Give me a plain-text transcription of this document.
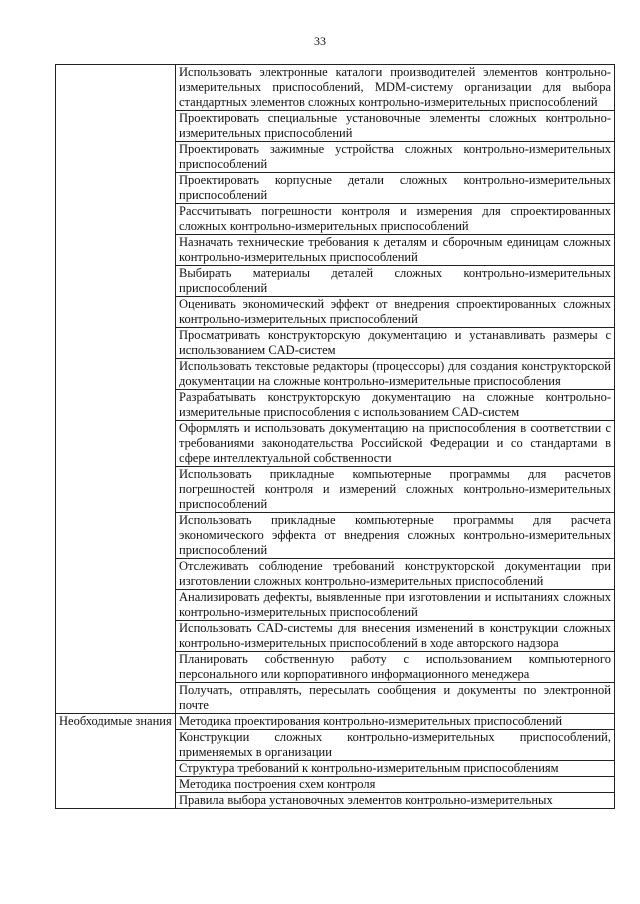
33
	Использовать электронные каталоги производителей элементов контрольно-измерительных приспособлений, MDM-систему организации для выбора стандартных элементов сложных контрольно-измерительных приспособлений
	Проектировать специальные установочные элементы сложных контрольно-измерительных приспособлений
	Проектировать зажимные устройства сложных контрольно-измерительных приспособлений
	Проектировать корпусные детали сложных контрольно-измерительных приспособлений
	Рассчитывать погрешности контроля и измерения для спроектированных сложных контрольно-измерительных приспособлений
	Назначать технические требования к деталям и сборочным единицам сложных контрольно-измерительных приспособлений
	Выбирать материалы деталей сложных контрольно-измерительных приспособлений
	Оценивать экономический эффект от внедрения спроектированных сложных контрольно-измерительных приспособлений
	Просматривать конструкторскую документацию и устанавливать размеры с использованием CAD-систем
	Использовать текстовые редакторы (процессоры) для создания конструкторской документации на сложные контрольно-измерительные приспособления
	Разрабатывать конструкторскую документацию на сложные контрольно-измерительные приспособления с использованием CAD-систем
	Оформлять и использовать документацию на приспособления в соответствии с требованиями законодательства Российской Федерации и со стандартами в сфере интеллектуальной собственности
	Использовать прикладные компьютерные программы для расчетов погрешностей контроля и измерений сложных контрольно-измерительных приспособлений
	Использовать прикладные компьютерные программы для расчета экономического эффекта от внедрения сложных контрольно-измерительных приспособлений
	Отслеживать соблюдение требований конструкторской документации при изготовлении сложных контрольно-измерительных приспособлений
	Анализировать дефекты, выявленные при изготовлении и испытаниях сложных контрольно-измерительных приспособлений
	Использовать CAD-системы для внесения изменений в конструкции сложных контрольно-измерительных приспособлений в ходе авторского надзора
	Планировать собственную работу с использованием компьютерного персонального или корпоративного информационного менеджера
	Получать, отправлять, пересылать сообщения и документы по электронной почте
Необходимые знания	Методика проектирования контрольно-измерительных приспособлений
	Конструкции сложных контрольно-измерительных приспособлений, применяемых в организации
	Структура требований к контрольно-измерительным приспособлениям
	Методика построения схем контроля
	Правила выбора установочных элементов контрольно-измерительных
